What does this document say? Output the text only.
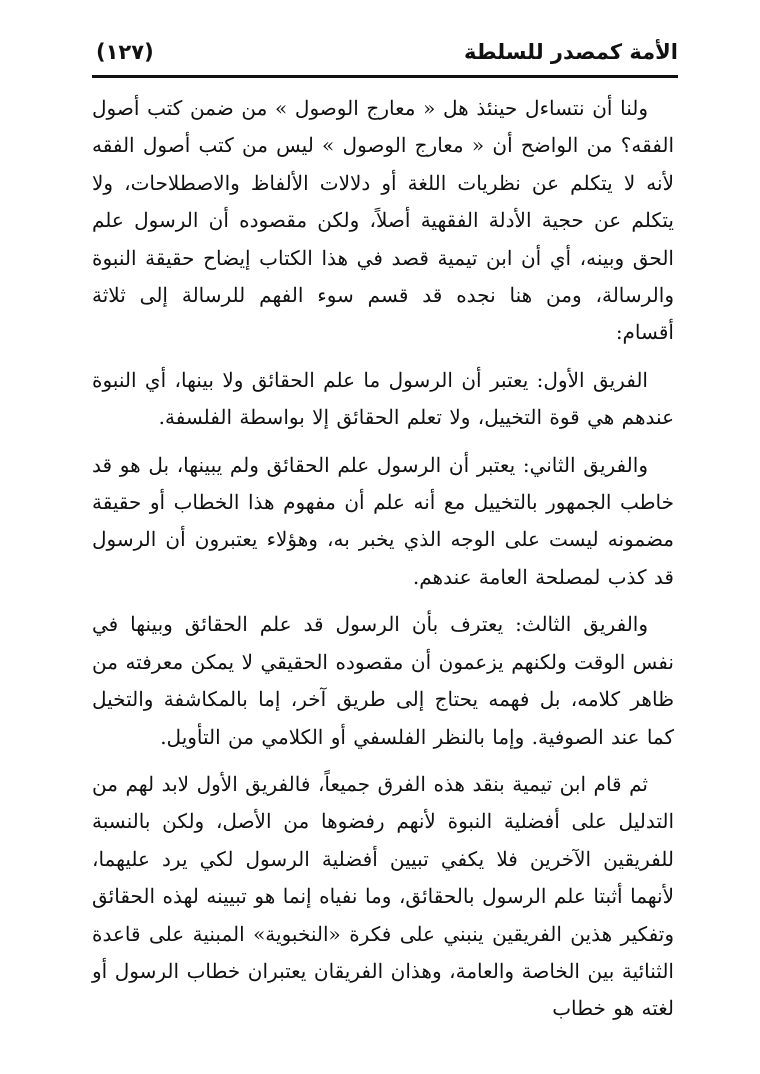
الأمة كمصدر للسلطة
(١٢٧)

ولنا أن نتساءل حينئذ هل « معارج الوصول » من ضمن كتب أصول الفقه؟ من الواضح أن « معارج الوصول » ليس من كتب أصول الفقه لأنه لا يتكلم عن نظريات اللغة أو دلالات الألفاظ والاصطلاحات، ولا يتكلم عن حجية الأدلة الفقهية أصلاً، ولكن مقصوده أن الرسول علم الحق وبينه، أي أن ابن تيمية قصد في هذا الكتاب إيضاح حقيقة النبوة والرسالة، ومن هنا نجده قد قسم سوء الفهم للرسالة إلى ثلاثة أقسام:

الفريق الأول: يعتبر أن الرسول ما علم الحقائق ولا بينها، أي النبوة عندهم هي قوة التخييل، ولا تعلم الحقائق إلا بواسطة الفلسفة.

والفريق الثاني: يعتبر أن الرسول علم الحقائق ولم يبينها، بل هو قد خاطب الجمهور بالتخييل مع أنه علم أن مفهوم هذا الخطاب أو حقيقة مضمونه ليست على الوجه الذي يخبر به، وهؤلاء يعتبرون أن الرسول قد كذب لمصلحة العامة عندهم.

والفريق الثالث: يعترف بأن الرسول قد علم الحقائق وبينها في نفس الوقت ولكنهم يزعمون أن مقصوده الحقيقي لا يمكن معرفته من ظاهر كلامه، بل فهمه يحتاج إلى طريق آخر، إما بالمكاشفة والتخيل كما عند الصوفية. وإما بالنظر الفلسفي أو الكلامي من التأويل.

ثم قام ابن تيمية بنقد هذه الفرق جميعاً، فالفريق الأول لابد لهم من التدليل على أفضلية النبوة لأنهم رفضوها من الأصل، ولكن بالنسبة للفريقين الآخرين فلا يكفي تبيين أفضلية الرسول لكي يرد عليهما، لأنهما أثبتا علم الرسول بالحقائق، وما نفياه إنما هو تبيينه لهذه الحقائق وتفكير هذين الفريقين ينبني على فكرة «النخبوية» المبنية على قاعدة الثنائية بين الخاصة والعامة، وهذان الفريقان يعتبران خطاب الرسول أو لغته هو خطاب
